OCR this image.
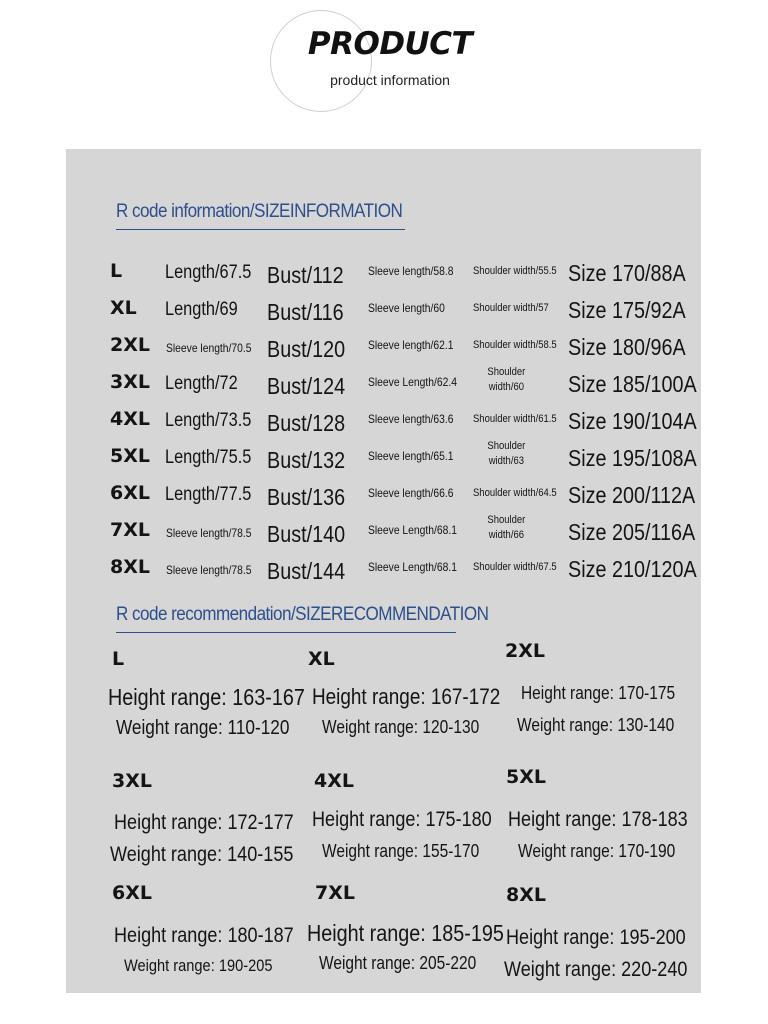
PRODUCT
product information
R code information/SIZEINFORMATION
L Length/67.5 Bust/112 Sleeve length/58.8 Shoulder width/55.5 Size 170/88A
XL Length/69 Bust/116 Sleeve length/60	Shoulder width/57 Size 175/92A
2XL Sleeve length/70.5 Bust/120 Sleeve length/62.1 Shoulder width/58.5 Size 180/96A
3XL Length/72 Bust/124 Sleeve Length/62.4
Shoulder width/60 Size 185/100A
4XL Length/73.5 Bust/128 Sleeve length/63.6 Shoulder width/61.5 Size 190/104A
5XL Length/75.5 Bust/132 Sleeve length/65.1
Shoulder width/63 Size 195/108A
6XL Length/77.5 Bust/136 Sleeve length/66.6 Shoulder width/64.5 Size 200/112A
7XL Sleeve length/78.5 Bust/140 Sleeve Length/68.1
Shoulder width/66 Size 205/116A
8XL Sleeve length/78.5 Bust/144 Sleeve Length/68.1 Shoulder width/67.5 Size 210/120A
R code recommendation/SIZERECOMMENDATION
L
Height range: 163-167
Weight range: 110-120
XL
Height range: 167-172
Weight range: 120-130
2XL
Height range: 170-175
Weight range: 130-140
3XL
Height range: 172-177
Weight range: 140-155
4XL
Height range: 175-180
Weight range: 155-170
5XL
Height range: 178-183
Weight range: 170-190
6XL
Height range: 180-187
Weight range: 190-205
7XL
Height range: 185-195
Weight range: 205-220
8XL
Height range: 195-200
Weight range: 220-240
